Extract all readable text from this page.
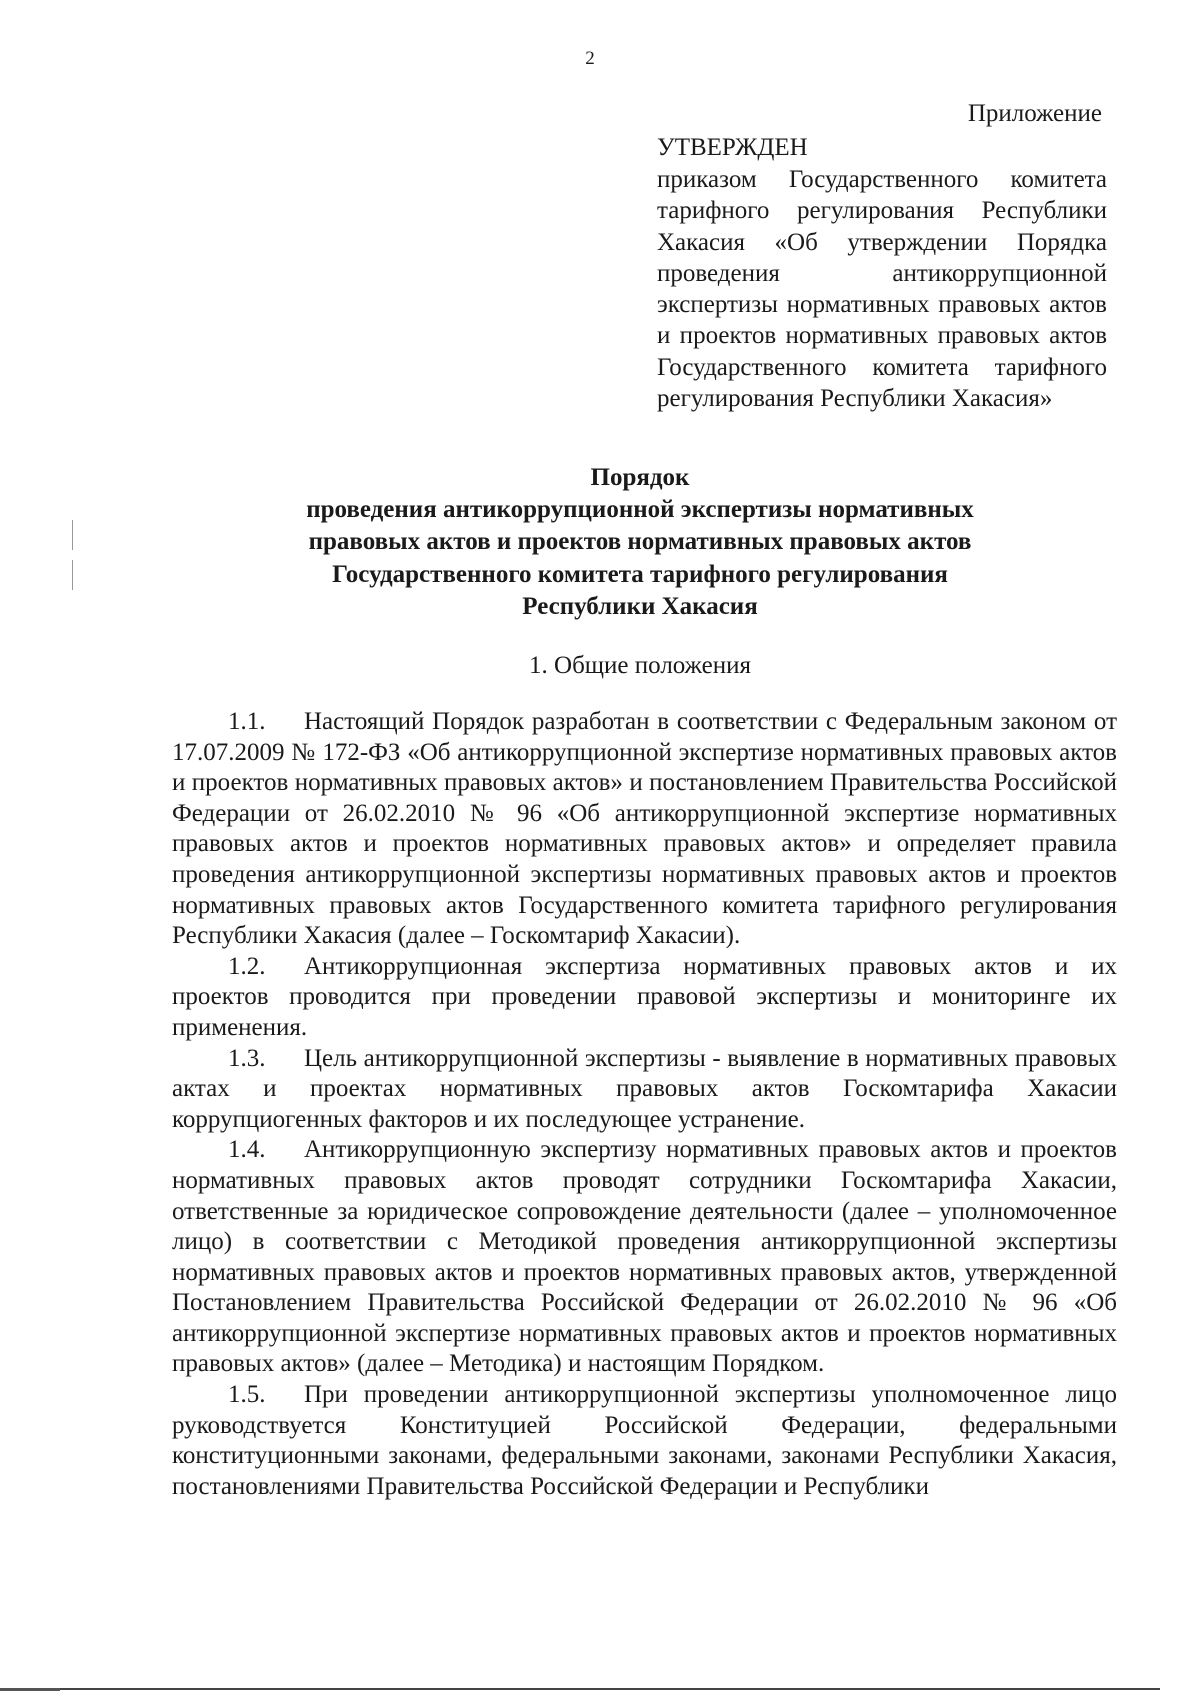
2
Приложение
УТВЕРЖДЕН
приказом Государственного комитета тарифного регулирования Республики Хакасия «Об утверждении Порядка проведения антикоррупционной экспертизы нормативных правовых актов и проектов нормативных правовых актов Государственного комитета тарифного регулирования Республики Хакасия»
Порядок
проведения антикоррупционной экспертизы нормативных
правовых актов и проектов нормативных правовых актов
Государственного комитета тарифного регулирования
Республики Хакасия
1. Общие положения

1.1. Настоящий Порядок разработан в соответствии с Федеральным законом от 17.07.2009 № 172-ФЗ «Об антикоррупционной экспертизе нормативных правовых актов и проектов нормативных правовых актов» и постановлением Правительства Российской Федерации от 26.02.2010 № 96 «Об антикоррупционной экспертизе нормативных правовых актов и проектов нормативных правовых актов» и определяет правила проведения антикоррупционной экспертизы нормативных правовых актов и проектов нормативных правовых актов Государственного комитета тарифного регулирования Республики Хакасия (далее – Госкомтариф Хакасии).

1.2. Антикоррупционная экспертиза нормативных правовых актов и их проектов проводится при проведении правовой экспертизы и мониторинге их применения.

1.3. Цель антикоррупционной экспертизы - выявление в нормативных правовых актах и проектах нормативных правовых актов Госкомтарифа Хакасии коррупциогенных факторов и их последующее устранение.

1.4. Антикоррупционную экспертизу нормативных правовых актов и проектов нормативных правовых актов проводят сотрудники Госкомтарифа Хакасии, ответственные за юридическое сопровождение деятельности (далее – уполномоченное лицо) в соответствии с Методикой проведения антикоррупционной экспертизы нормативных правовых актов и проектов нормативных правовых актов, утвержденной Постановлением Правительства Российской Федерации от 26.02.2010 № 96 «Об антикоррупционной экспертизе нормативных правовых актов и проектов нормативных правовых актов» (далее – Методика) и настоящим Порядком.

1.5. При проведении антикоррупционной экспертизы уполномоченное лицо руководствуется Конституцией Российской Федерации, федеральными конституционными законами, федеральными законами, законами Республики Хакасия, постановлениями Правительства Российской Федерации и Республики
